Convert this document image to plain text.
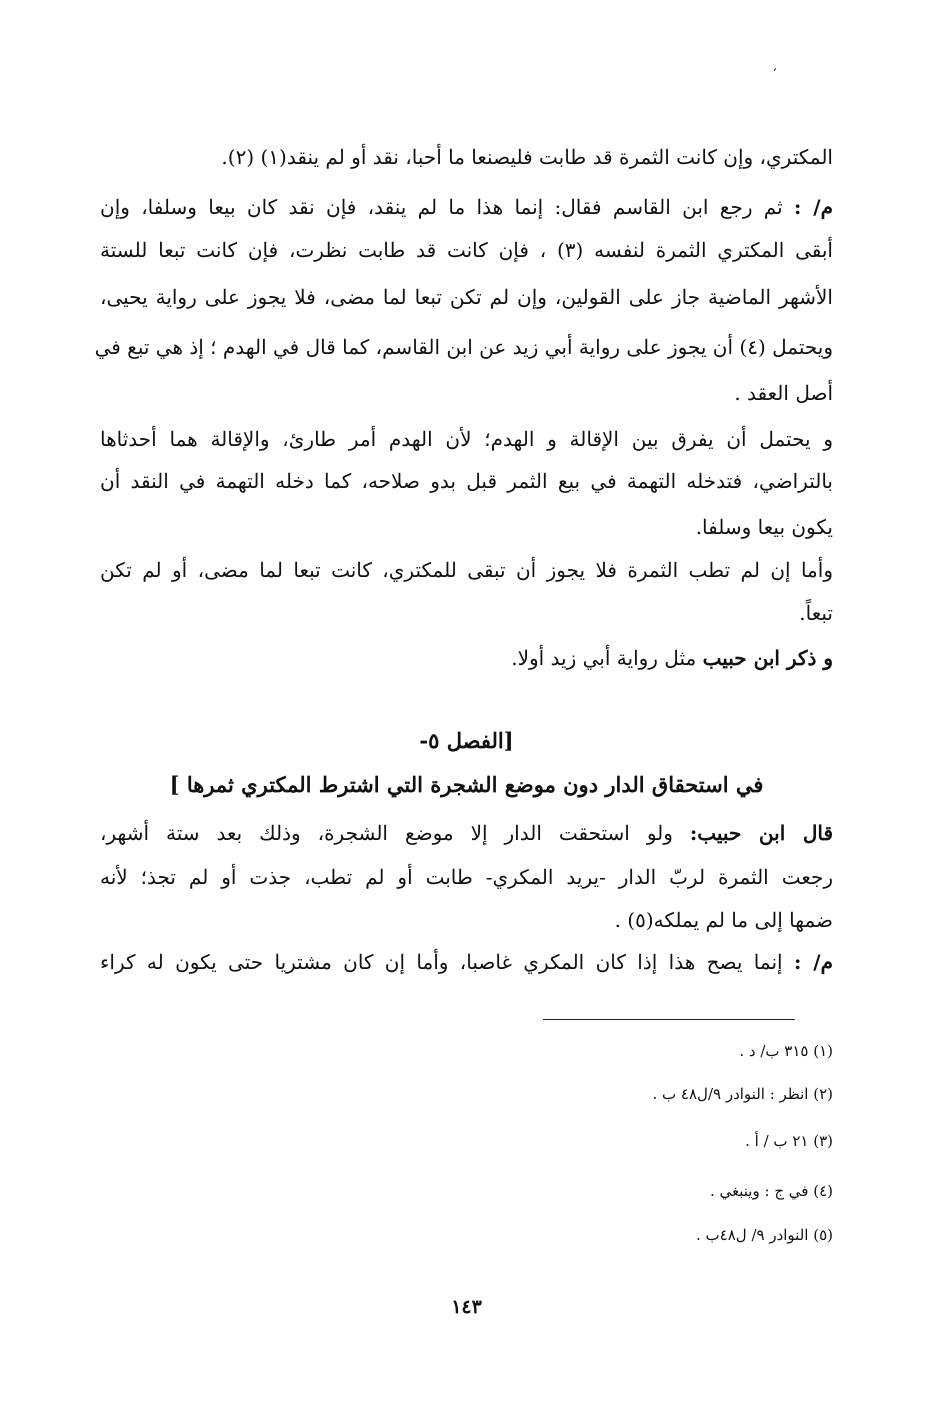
٬
المكتري، وإن كانت الثمرة قد طابت فليصنعا ما أحبا، نقد أو لم ينقد(١) (٢).
م/ : ثم رجع ابن القاسم فقال: إنما هذا ما لم ينقد، فإن نقد كان بيعا وسلفا، وإن
أبقى المكتري الثمرة لنفسه (٣) ، فإن كانت قد طابت نظرت، فإن كانت تبعا للستة
الأشهر الماضية جاز على القولين، وإن لم تكن تبعا لما مضى، فلا يجوز على رواية يحيى،
ويحتمل (٤) أن يجوز على رواية أبي زيد عن ابن القاسم، كما قال في الهدم ؛ إذ هي تبع في
أصل العقد .
و يحتمل أن يفرق بين الإقالة و الهدم؛ لأن الهدم أمر طارئ، والإقالة هما أحدثاها
بالتراضي، فتدخله التهمة في بيع الثمر قبل بدو صلاحه، كما دخله التهمة في النقد أن
يكون بيعا وسلفا.
وأما إن لم تطب الثمرة فلا يجوز أن تبقى للمكتري، كانت تبعا لما مضى، أو لم تكن
تبعاً.
و ذكر ابن حبيب مثل رواية أبي زيد أولا.
[الفصل ٥-
في استحقاق الدار دون موضع الشجرة التي اشترط المكتري ثمرها ]
قال ابن حبيب: ولو استحقت الدار إلا موضع الشجرة، وذلك بعد ستة أشهر،
رجعت الثمرة لربّ الدار -يريد المكري- طابت أو لم تطب، جذت أو لم تجذ؛ لأنه
ضمها إلى ما لم يملكه(٥) .
م/ : إنما يصح هذا إذا كان المكري غاصبا، وأما إن كان مشتريا حتى يكون له كراء
(١) ٣١٥ ب/ د .
(٢) انظر : النوادر ٩/ل٤٨ ب .
(٣) ٢١ ب / أ .
(٤) في ج : وينبغي .
(٥) النوادر ٩/ ل٤٨ب .
١٤٣
